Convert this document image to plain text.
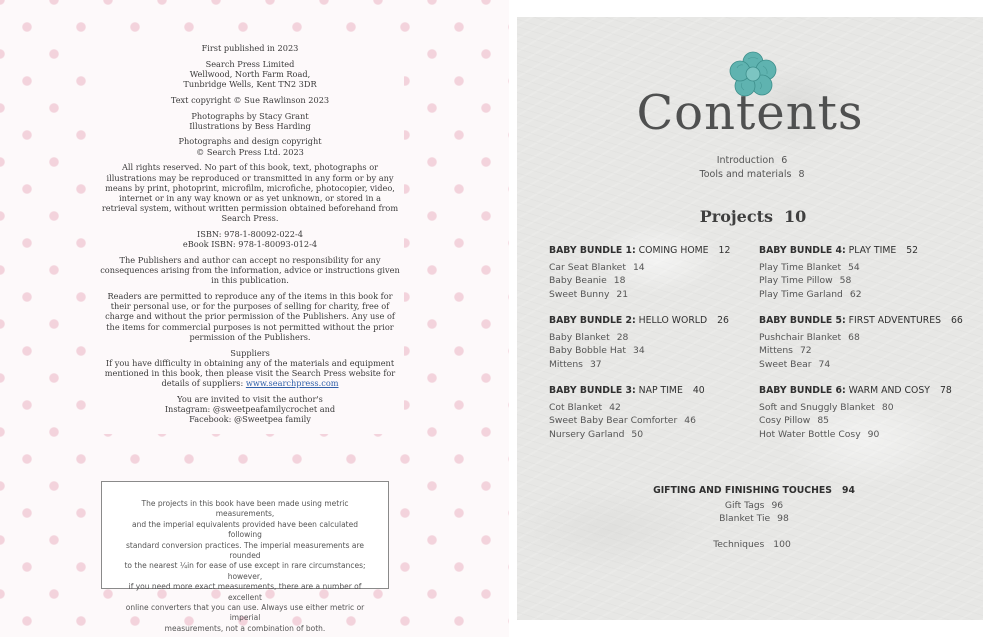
First published in 2023

Search Press Limited
Wellwood, North Farm Road,
Tunbridge Wells, Kent TN2 3DR

Text copyright © Sue Rawlinson 2023

Photographs by Stacy Grant
Illustrations by Bess Harding

Photographs and design copyright
© Search Press Ltd. 2023

All rights reserved. No part of this book, text, photographs or illustrations may be reproduced or transmitted in any form or by any means by print, photoprint, microfilm, microfiche, photocopier, video, internet or in any way known or as yet unknown, or stored in a retrieval system, without written permission obtained beforehand from Search Press.

ISBN: 978-1-80092-022-4
eBook ISBN: 978-1-80093-012-4

The Publishers and author can accept no responsibility for any consequences arising from the information, advice or instructions given in this publication.

Readers are permitted to reproduce any of the items in this book for their personal use, or for the purposes of selling for charity, free of charge and without the prior permission of the Publishers. Any use of the items for commercial purposes is not permitted without the prior permission of the Publishers.

Suppliers
If you have difficulty in obtaining any of the materials and equipment mentioned in this book, then please visit the Search Press website for details of suppliers: www.searchpress.com

You are invited to visit the author's
Instagram: @sweetpeafamilycrochet and
Facebook: @Sweetpea family

The projects in this book have been made using metric measurements,
and the imperial equivalents provided have been calculated following
standard conversion practices. The imperial measurements are rounded
to the nearest ¼in for ease of use except in rare circumstances; however,
if you need more exact measurements, there are a number of excellent
online converters that you can use. Always use either metric or imperial
measurements, not a combination of both.
Contents
Introduction 6
Tools and materials 8
Projects 10
BABY BUNDLE 1: COMING HOME 12
Car Seat Blanket 14
Baby Beanie 18
Sweet Bunny 21
BABY BUNDLE 2: HELLO WORLD 26
Baby Blanket 28
Baby Bobble Hat 34
Mittens 37
BABY BUNDLE 3: NAP TIME 40
Cot Blanket 42
Sweet Baby Bear Comforter 46
Nursery Garland 50
BABY BUNDLE 4: PLAY TIME 52
Play Time Blanket 54
Play Time Pillow 58
Play Time Garland 62
BABY BUNDLE 5: FIRST ADVENTURES 66
Pushchair Blanket 68
Mittens 72
Sweet Bear 74
BABY BUNDLE 6: WARM AND COSY 78
Soft and Snuggly Blanket 80
Cosy Pillow 85
Hot Water Bottle Cosy 90
GIFTING AND FINISHING TOUCHES 94
Gift Tags 96
Blanket Tie 98
Techniques 100
